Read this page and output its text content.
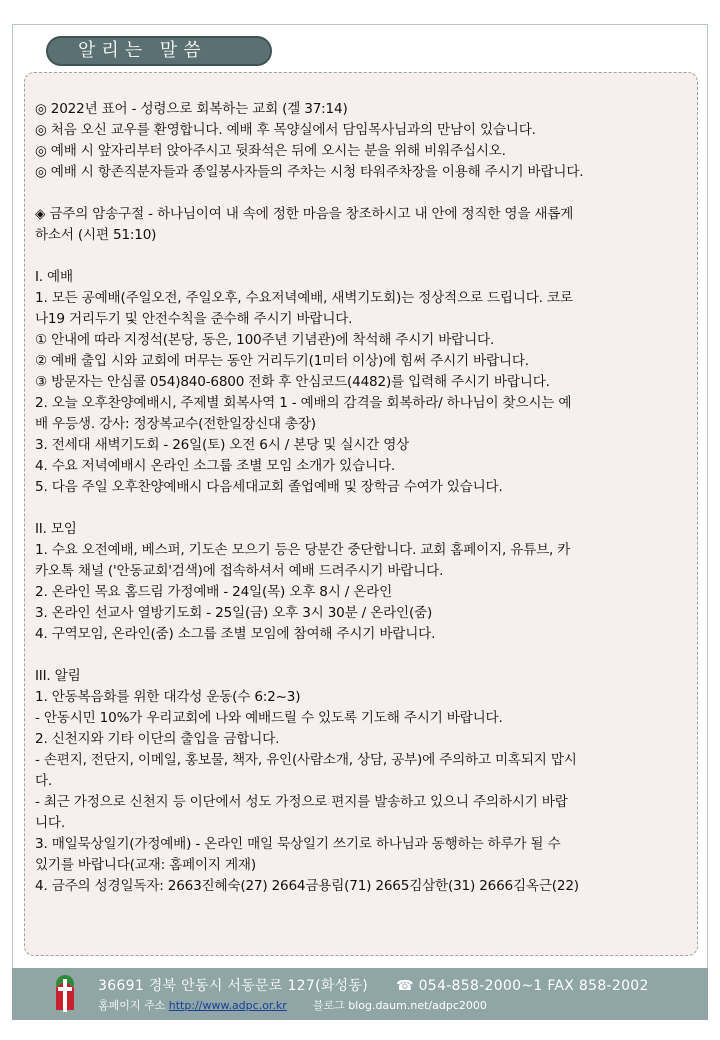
알리는 말씀
◎ 2022년 표어 - 성령으로 회복하는 교회 (겔 37:14)
◎ 처음 오신 교우를 환영합니다. 예배 후 목양실에서 담임목사님과의 만남이 있습니다.
◎ 예배 시 앞자리부터 앉아주시고 뒷좌석은 뒤에 오시는 분을 위해 비워주십시오.
◎ 예배 시 항존직분자들과 종일봉사자들의 주차는 시청 타워주차장을 이용해 주시기 바랍니다.
◈ 금주의 암송구절 - 하나님이여 내 속에 정한 마음을 창조하시고 내 안에 정직한 영을 새롭게
하소서 (시편 51:10)
I. 예배
1. 모든 공예배(주일오전, 주일오후, 수요저녁예배, 새벽기도회)는 정상적으로 드립니다. 코로
나19 거리두기 및 안전수칙을 준수해 주시기 바랍니다.
① 안내에 따라 지정석(본당, 동은, 100주년 기념관)에 착석해 주시기 바랍니다.
② 예배 출입 시와 교회에 머무는 동안 거리두기(1미터 이상)에 힘써 주시기 바랍니다.
③ 방문자는 안심콜 054)840-6800 전화 후 안심코드(4482)를 입력해 주시기 바랍니다.
2. 오늘 오후찬양예배시, 주제별 회복사역 1 - 예배의 감격을 회복하라/ 하나님이 찾으시는 예
배 우등생. 강사: 정장복교수(전한일장신대 총장)
3. 전세대 새벽기도회 - 26일(토) 오전 6시 / 본당 및 실시간 영상
4. 수요 저녁예배시 온라인 소그룹 조별 모임 소개가 있습니다.
5. 다음 주일 오후찬양예배시 다음세대교회 졸업예배 및 장학금 수여가 있습니다.
II. 모임
1. 수요 오전예배, 베스퍼, 기도손 모으기 등은 당분간 중단합니다. 교회 홈페이지, 유튜브, 카
카오톡 채널 ('안동교회'검색)에 접속하셔서 예배 드려주시기 바랍니다.
2. 온라인 목요 홈드림 가정예배 - 24일(목) 오후 8시 / 온라인
3. 온라인 선교사 열방기도회 - 25일(금) 오후 3시 30분 / 온라인(줌)
4. 구역모임, 온라인(줌) 소그룹 조별 모임에 참여해 주시기 바랍니다.
III. 알림
1. 안동복음화를 위한 대각성 운동(수 6:2~3)
- 안동시민 10%가 우리교회에 나와 예배드릴 수 있도록 기도해 주시기 바랍니다.
2. 신천지와 기타 이단의 출입을 금합니다.
- 손편지, 전단지, 이메일, 홍보물, 책자, 유인(사람소개, 상담, 공부)에 주의하고 미혹되지 맙시
다.
- 최근 가정으로 신천지 등 이단에서 성도 가정으로 편지를 발송하고 있으니 주의하시기 바랍
니다.
3. 매일묵상일기(가정예배) - 온라인 매일 묵상일기 쓰기로 하나님과 동행하는 하루가 될 수
있기를 바랍니다(교재: 홈페이지 게재)
4. 금주의 성경일독자: 2663진혜숙(27) 2664금용림(71) 2665김삼한(31) 2666김옥근(22)
36691 경북 안동시 서동문로 127(화성동) ☎ 054-858-2000~1 FAX 858-2002
홈페이지 주소 http://www.adpc.or.kr 블로그 blog.daum.net/adpc2000
